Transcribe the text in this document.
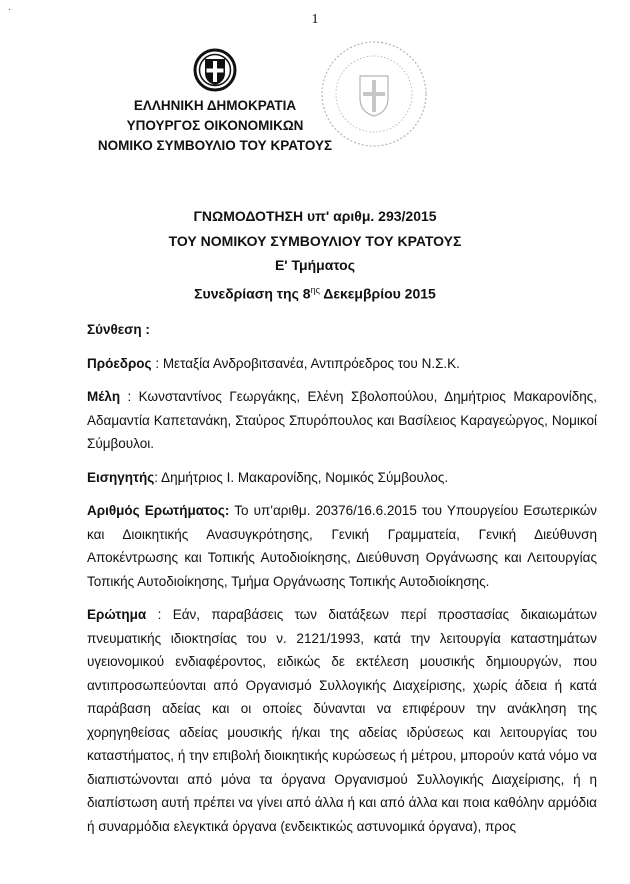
·
1
ΕΛΛΗΝΙΚΗ ΔΗΜΟΚΡΑΤΙΑ
ΥΠΟΥΡΓΟΣ ΟΙΚΟΝΟΜΙΚΩΝ
ΝΟΜΙΚΟ ΣΥΜΒΟΥΛΙΟ ΤΟΥ ΚΡΑΤΟΥΣ
ΓΝΩΜΟΔΟΤΗΣΗ υπ' αριθμ. 293/2015
ΤΟΥ ΝΟΜΙΚΟΥ ΣΥΜΒΟΥΛΙΟΥ ΤΟΥ ΚΡΑΤΟΥΣ
Ε' Τμήματος
Συνεδρίαση της $8^{\eta\varsigma}$ Δεκεμβρίου 2015

Σύνθεση :

Πρόεδρος : Μεταξία Ανδροβιτσανέα, Αντιπρόεδρος του Ν.Σ.Κ.

Μέλη : Κωνσταντίνος Γεωργάκης, Ελένη Σβολοπούλου, Δημήτριος Μακαρονίδης, Αδαμαντία Καπετανάκη, Σταύρος Σπυρόπουλος και Βασίλειος Καραγεώργος, Νομικοί Σύμβουλοι.

Εισηγητής: Δημήτριος Ι. Μακαρονίδης, Νομικός Σύμβουλος.

Αριθμός Ερωτήματος: Το υπ'αριθμ. 20376/16.6.2015 του Υπουργείου Εσωτερικών και Διοικητικής Ανασυγκρότησης, Γενική Γραμματεία, Γενική Διεύθυνση Αποκέντρωσης και Τοπικής Αυτοδιοίκησης, Διεύθυνση Οργάνωσης και Λειτουργίας Τοπικής Αυτοδιοίκησης, Τμήμα Οργάνωσης Τοπικής Αυτοδιοίκησης.

Ερώτημα : Εάν, παραβάσεις των διατάξεων περί προστασίας δικαιωμάτων πνευματικής ιδιοκτησίας του ν. 2121/1993, κατά την λειτουργία καταστημάτων υγειονομικού ενδιαφέροντος, ειδικώς δε εκτέλεση μουσικής δημιουργών, που αντιπροσωπεύονται από Οργανισμό Συλλογικής Διαχείρισης, χωρίς άδεια ή κατά παράβαση αδείας και οι οποίες δύνανται να επιφέρουν την ανάκληση της χορηγηθείσας αδείας μουσικής ή/και της αδείας ιδρύσεως και λειτουργίας του καταστήματος, ή την επιβολή διοικητικής κυρώσεως ή μέτρου, μπορούν κατά νόμο να διαπιστώνονται από μόνα τα όργανα Οργανισμού Συλλογικής Διαχείρισης, ή η διαπίστωση αυτή πρέπει να γίνει από άλλα ή και από άλλα και ποια καθόλην αρμόδια ή συναρμόδια ελεγκτικά όργανα (ενδεικτικώς αστυνομικά όργανα), προς
